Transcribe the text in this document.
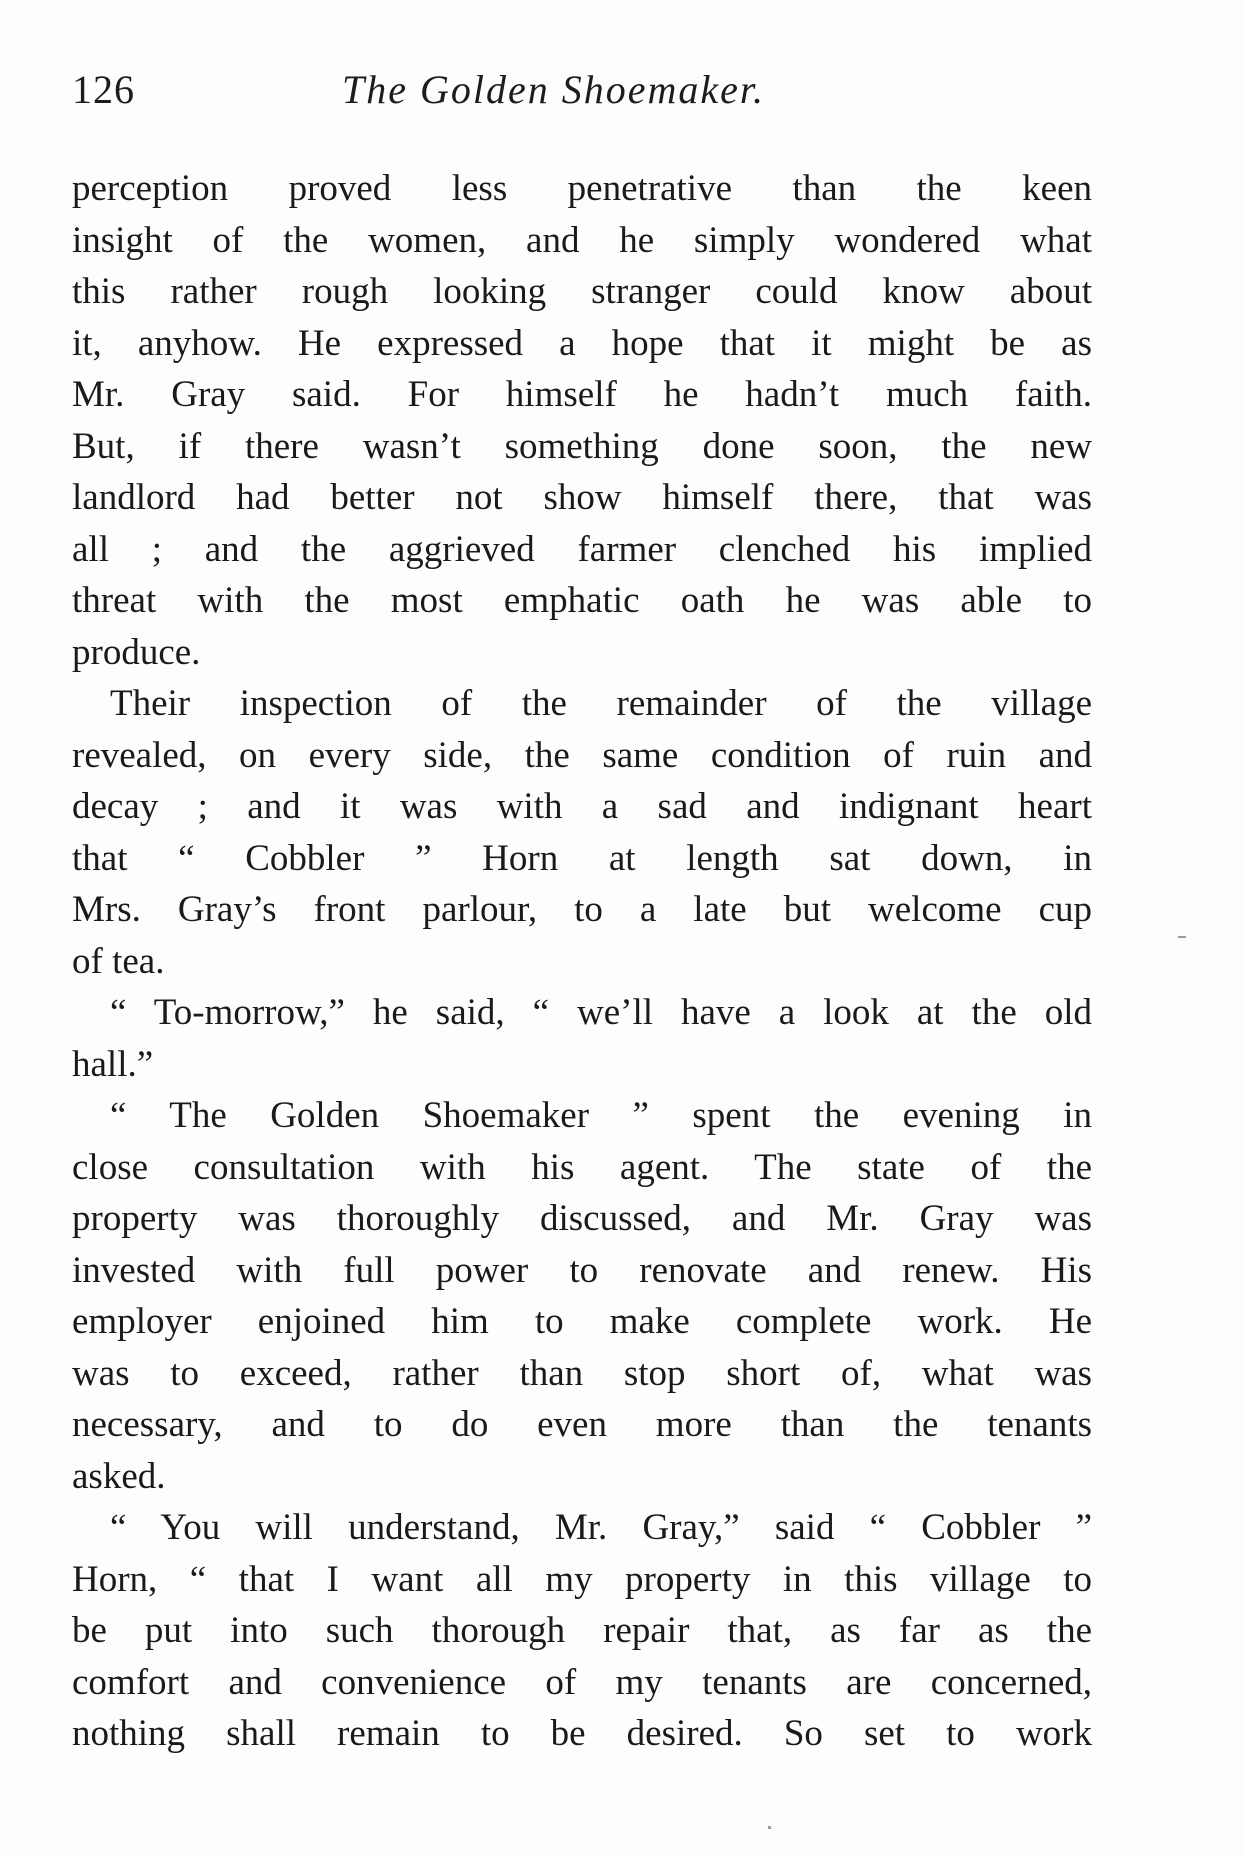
126	The Golden Shoemaker.
perception proved less penetrative than the keen
insight of the women, and he simply wondered what
this rather rough looking stranger could know about
it, anyhow. He expressed a hope that it might be as
Mr. Gray said. For himself he hadn’t much faith.
But, if there wasn’t something done soon, the new
landlord had better not show himself there, that was
all ; and the aggrieved farmer clenched his implied
threat with the most emphatic oath he was able to
produce.
Their inspection of the remainder of the village
revealed, on every side, the same condition of ruin and
decay ; and it was with a sad and indignant heart
that “ Cobbler ” Horn at length sat down, in
Mrs. Gray’s front parlour, to a late but welcome cup
of tea.
“ To-morrow,” he said, “ we’ll have a look at the old
hall.”
“ The Golden Shoemaker ” spent the evening in
close consultation with his agent. The state of the
property was thoroughly discussed, and Mr. Gray was
invested with full power to renovate and renew. His
employer enjoined him to make complete work. He
was to exceed, rather than stop short of, what was
necessary, and to do even more than the tenants
asked.
“ You will understand, Mr. Gray,” said “ Cobbler ”
Horn, “ that I want all my property in this village to
be put into such thorough repair that, as far as the
comfort and convenience of my tenants are concerned,
nothing shall remain to be desired. So set to work
